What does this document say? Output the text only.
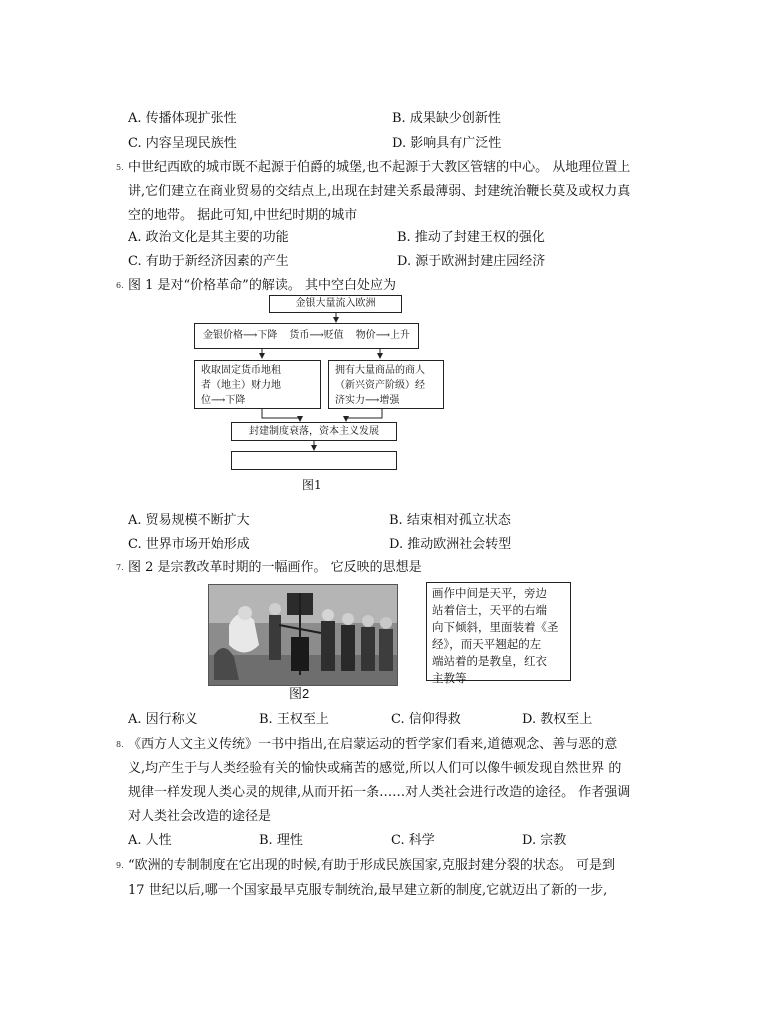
A. 传播体现扩张性	B. 成果缺少创新性
C. 内容呈现民族性	D. 影响具有广泛性
5. 中世纪西欧的城市既不起源于伯爵的城堡,也不起源于大教区管辖的中心。 从地理位置上
讲,它们建立在商业贸易的交结点上,出现在封建关系最薄弱、封建统治鞭长莫及或权力真
空的地带。 据此可知,中世纪时期的城市
A. 政治文化是其主要的功能	B. 推动了封建王权的强化
C. 有助于新经济因素的产生	D. 源于欧洲封建庄园经济
6. 图 1 是对“价格革命”的解读。 其中空白处应为
金银大量流入欧洲
金银价格⟶下降 货币⟶贬值 物价⟶上升
收取固定货币地租
者（地主）财力地
位⟶下降
拥有大量商品的商人
（新兴资产阶级）经
济实力⟶增强
封建制度衰落，资本主义发展
图1
A. 贸易规模不断扩大	B. 结束相对孤立状态
C. 世界市场开始形成	D. 推动欧洲社会转型
7. 图 2 是宗教改革时期的一幅画作。 它反映的思想是
画作中间是天平，旁边
站着信士，天平的右端
向下倾斜，里面装着《圣
经》，而天平翘起的左
端站着的是教皇，红衣
主教等
图2
A. 因行称义	B. 王权至上	C. 信仰得救	D. 教权至上
8. 《西方人文主义传统》一书中指出,在启蒙运动的哲学家们看来,道德观念、善与恶的意
义,均产生于与人类经验有关的愉快或痛苦的感觉,所以人们可以像牛顿发现自然世界 的
规律一样发现人类心灵的规律,从而开拓一条……对人类社会进行改造的途径。 作者强调
对人类社会改造的途径是
A. 人性	B. 理性	C. 科学	D. 宗教
9. “欧洲的专制制度在它出现的时候,有助于形成民族国家,克服封建分裂的状态。 可是到
17 世纪以后,哪一个国家最早克服专制统治,最早建立新的制度,它就迈出了新的一步,
